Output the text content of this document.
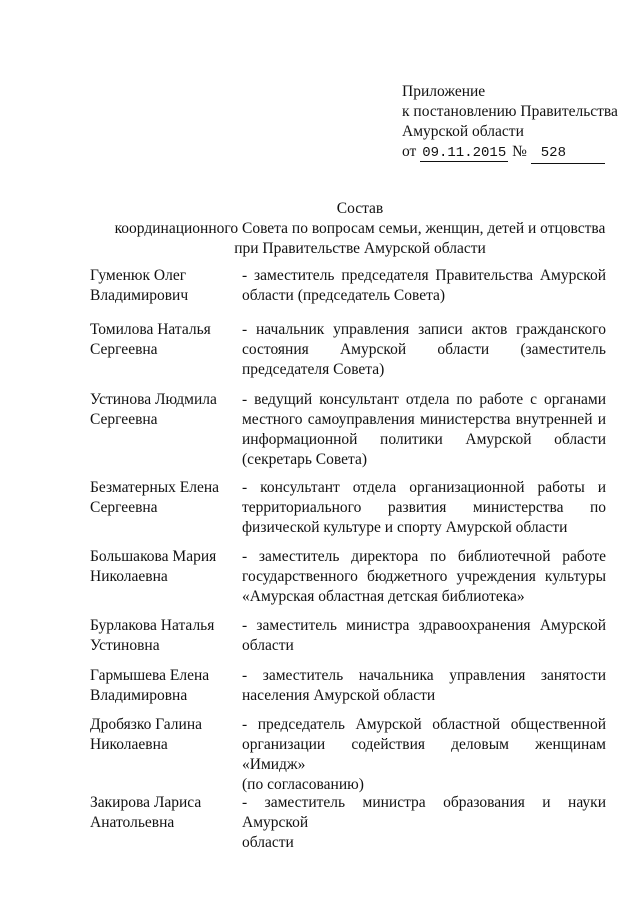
Приложение
к постановлению Правительства
Амурской области
от 09.11.2015 № 528
Состав
координационного Совета по вопросам семьи, женщин, детей и отцовства
при Правительстве Амурской области
Гуменюк Олег
Владимирович
- заместитель председателя Правительства Амурской
области (председатель Совета)
Томилова Наталья
Сергеевна
- начальник управления записи актов гражданского
состояния Амурской области (заместитель
председателя Совета)
Устинова Людмила
Сергеевна
- ведущий консультант отдела по работе с органами
местного самоуправления министерства внутренней и
информационной политики Амурской области
(секретарь Совета)
Безматерных Елена
Сергеевна
- консультант отдела организационной работы и
территориального развития министерства по
физической культуре и спорту Амурской области
Большакова Мария
Николаевна
- заместитель директора по библиотечной работе
государственного бюджетного учреждения культуры
«Амурская областная детская библиотека»
Бурлакова Наталья
Устиновна
- заместитель министра здравоохранения Амурской
области
Гармышева Елена
Владимировна
- заместитель начальника управления занятости
населения Амурской области
Дробязко Галина
Николаевна
- председатель Амурской областной общественной
организации содействия деловым женщинам «Имидж»
(по согласованию)
Закирова Лариса
Анатольевна
- заместитель министра образования и науки Амурской
области
